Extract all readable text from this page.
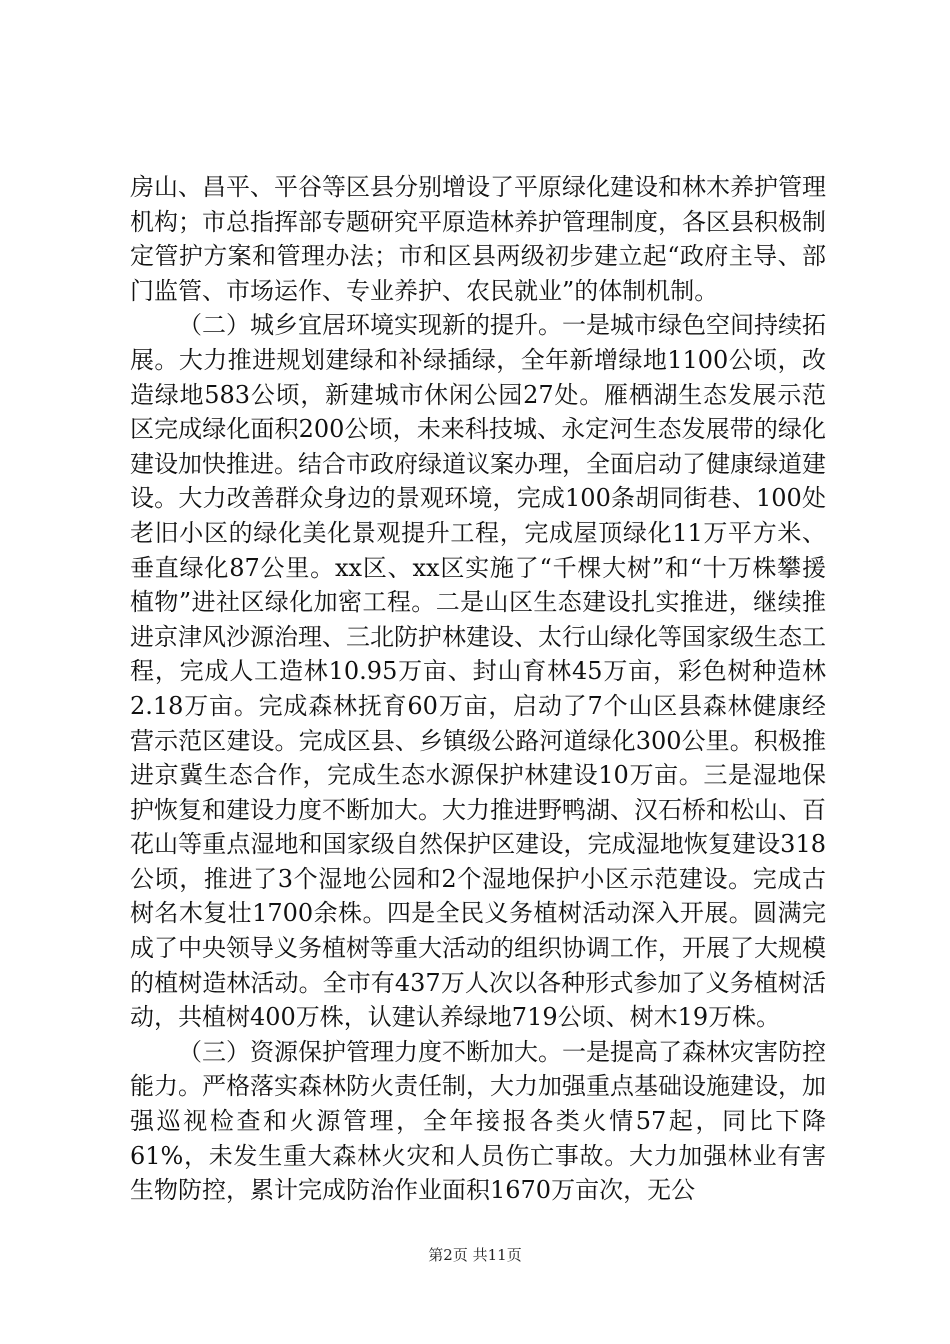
房山、昌平、平谷等区县分别增设了平原绿化建设和林木养护管理机构；市总指挥部专题研究平原造林养护管理制度，各区县积极制定管护方案和管理办法；市和区县两级初步建立起“政府主导、部门监管、市场运作、专业养护、农民就业”的体制机制。

（二）城乡宜居环境实现新的提升。一是城市绿色空间持续拓展。大力推进规划建绿和补绿插绿，全年新增绿地1100公顷，改造绿地583公顷，新建城市休闲公园27处。雁栖湖生态发展示范区完成绿化面积200公顷，未来科技城、永定河生态发展带的绿化建设加快推进。结合市政府绿道议案办理，全面启动了健康绿道建设。大力改善群众身边的景观环境，完成100条胡同街巷、100处老旧小区的绿化美化景观提升工程，完成屋顶绿化11万平方米、垂直绿化87公里。xx区、xx区实施了“千棵大树”和“十万株攀援植物”进社区绿化加密工程。二是山区生态建设扎实推进，继续推进京津风沙源治理、三北防护林建设、太行山绿化等国家级生态工程，完成人工造林10.95万亩、封山育林45万亩，彩色树种造林2.18万亩。完成森林抚育60万亩，启动了7个山区县森林健康经营示范区建设。完成区县、乡镇级公路河道绿化300公里。积极推进京冀生态合作，完成生态水源保护林建设10万亩。三是湿地保护恢复和建设力度不断加大。大力推进野鸭湖、汉石桥和松山、百花山等重点湿地和国家级自然保护区建设，完成湿地恢复建设318公顷，推进了3个湿地公园和2个湿地保护小区示范建设。完成古树名木复壮1700余株。四是全民义务植树活动深入开展。圆满完成了中央领导义务植树等重大活动的组织协调工作，开展了大规模的植树造林活动。全市有437万人次以各种形式参加了义务植树活动，共植树400万株，认建认养绿地719公顷、树木19万株。

（三）资源保护管理力度不断加大。一是提高了森林灾害防控能力。严格落实森林防火责任制，大力加强重点基础设施建设，加强巡视检查和火源管理，全年接报各类火情57起，同比下降61%，未发生重大森林火灾和人员伤亡事故。大力加强林业有害生物防控，累计完成防治作业面积1670万亩次，无公

第2页 共11页
